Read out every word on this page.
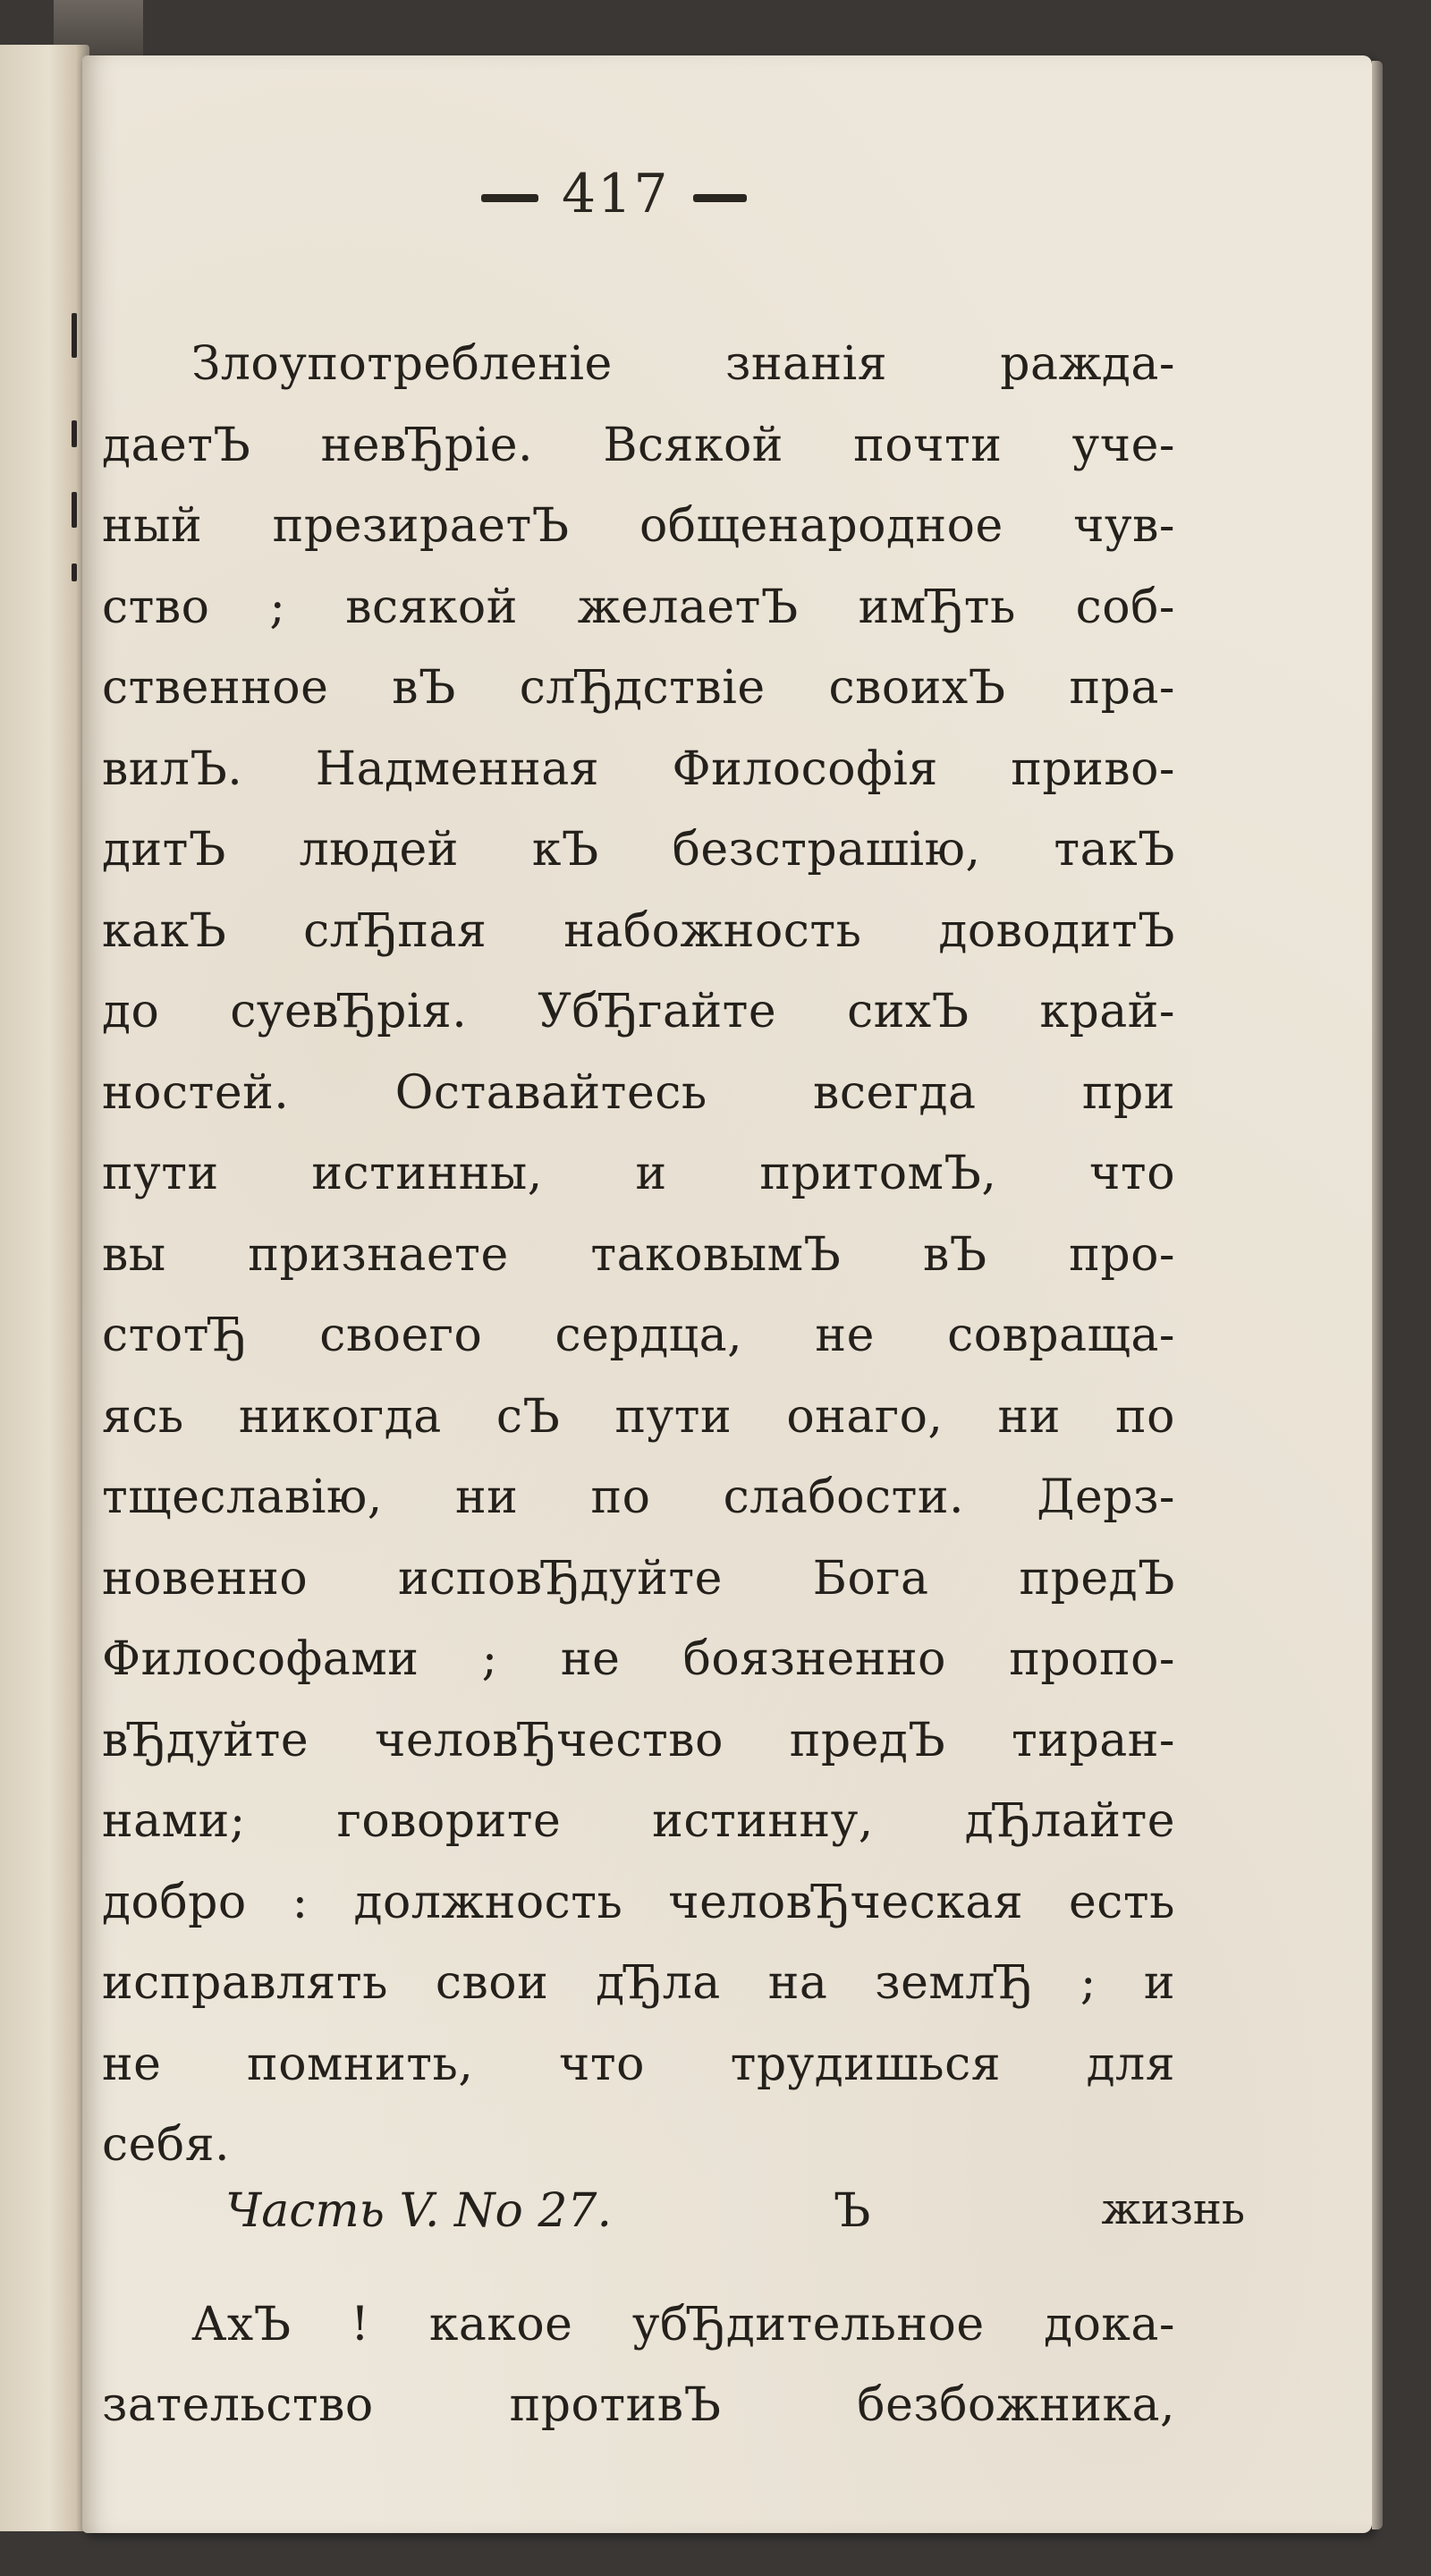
417
Злоупотребленіе знанія раждa-
даетЪ невЂріе. Всякой почти уче-
ный презираетЪ общенародное чув-
ство ; всякой желаетЪ имЂть соб-
ственное вЪ слЂдствіе своихЪ пра-
вилЪ. Надменная Философія приво-
дитЪ людей кЪ безстрашію, такЪ
какЪ слЂпая набожность доводитЪ
до суевЂрія. УбЂгайте сихЪ край-
ностей. Оставайтесь всегда при
пути истинны, и притомЪ, что
вы признаете таковымЪ вЪ про-
стотЂ своего сердца, не совраща-
ясь никогда сЪ пути онаго, ни по
тщеславію, ни по слабости. Дерз-
новенно исповЂдуйте Бога предЪ
Философами ; не боязненно пропо-
вЂдуйте человЂчество предЪ тиран-
нами; говорите истинну, дЂлайте
добро : должность человЂческая есть
исправлять свои дЂла на землЂ ; и
не помнить, что трудишься для
себя.
АхЪ ! какое убЂдительное дока-
зательство противЪ безбожника,
Часть V. No 27.	Ъ	жизнь
